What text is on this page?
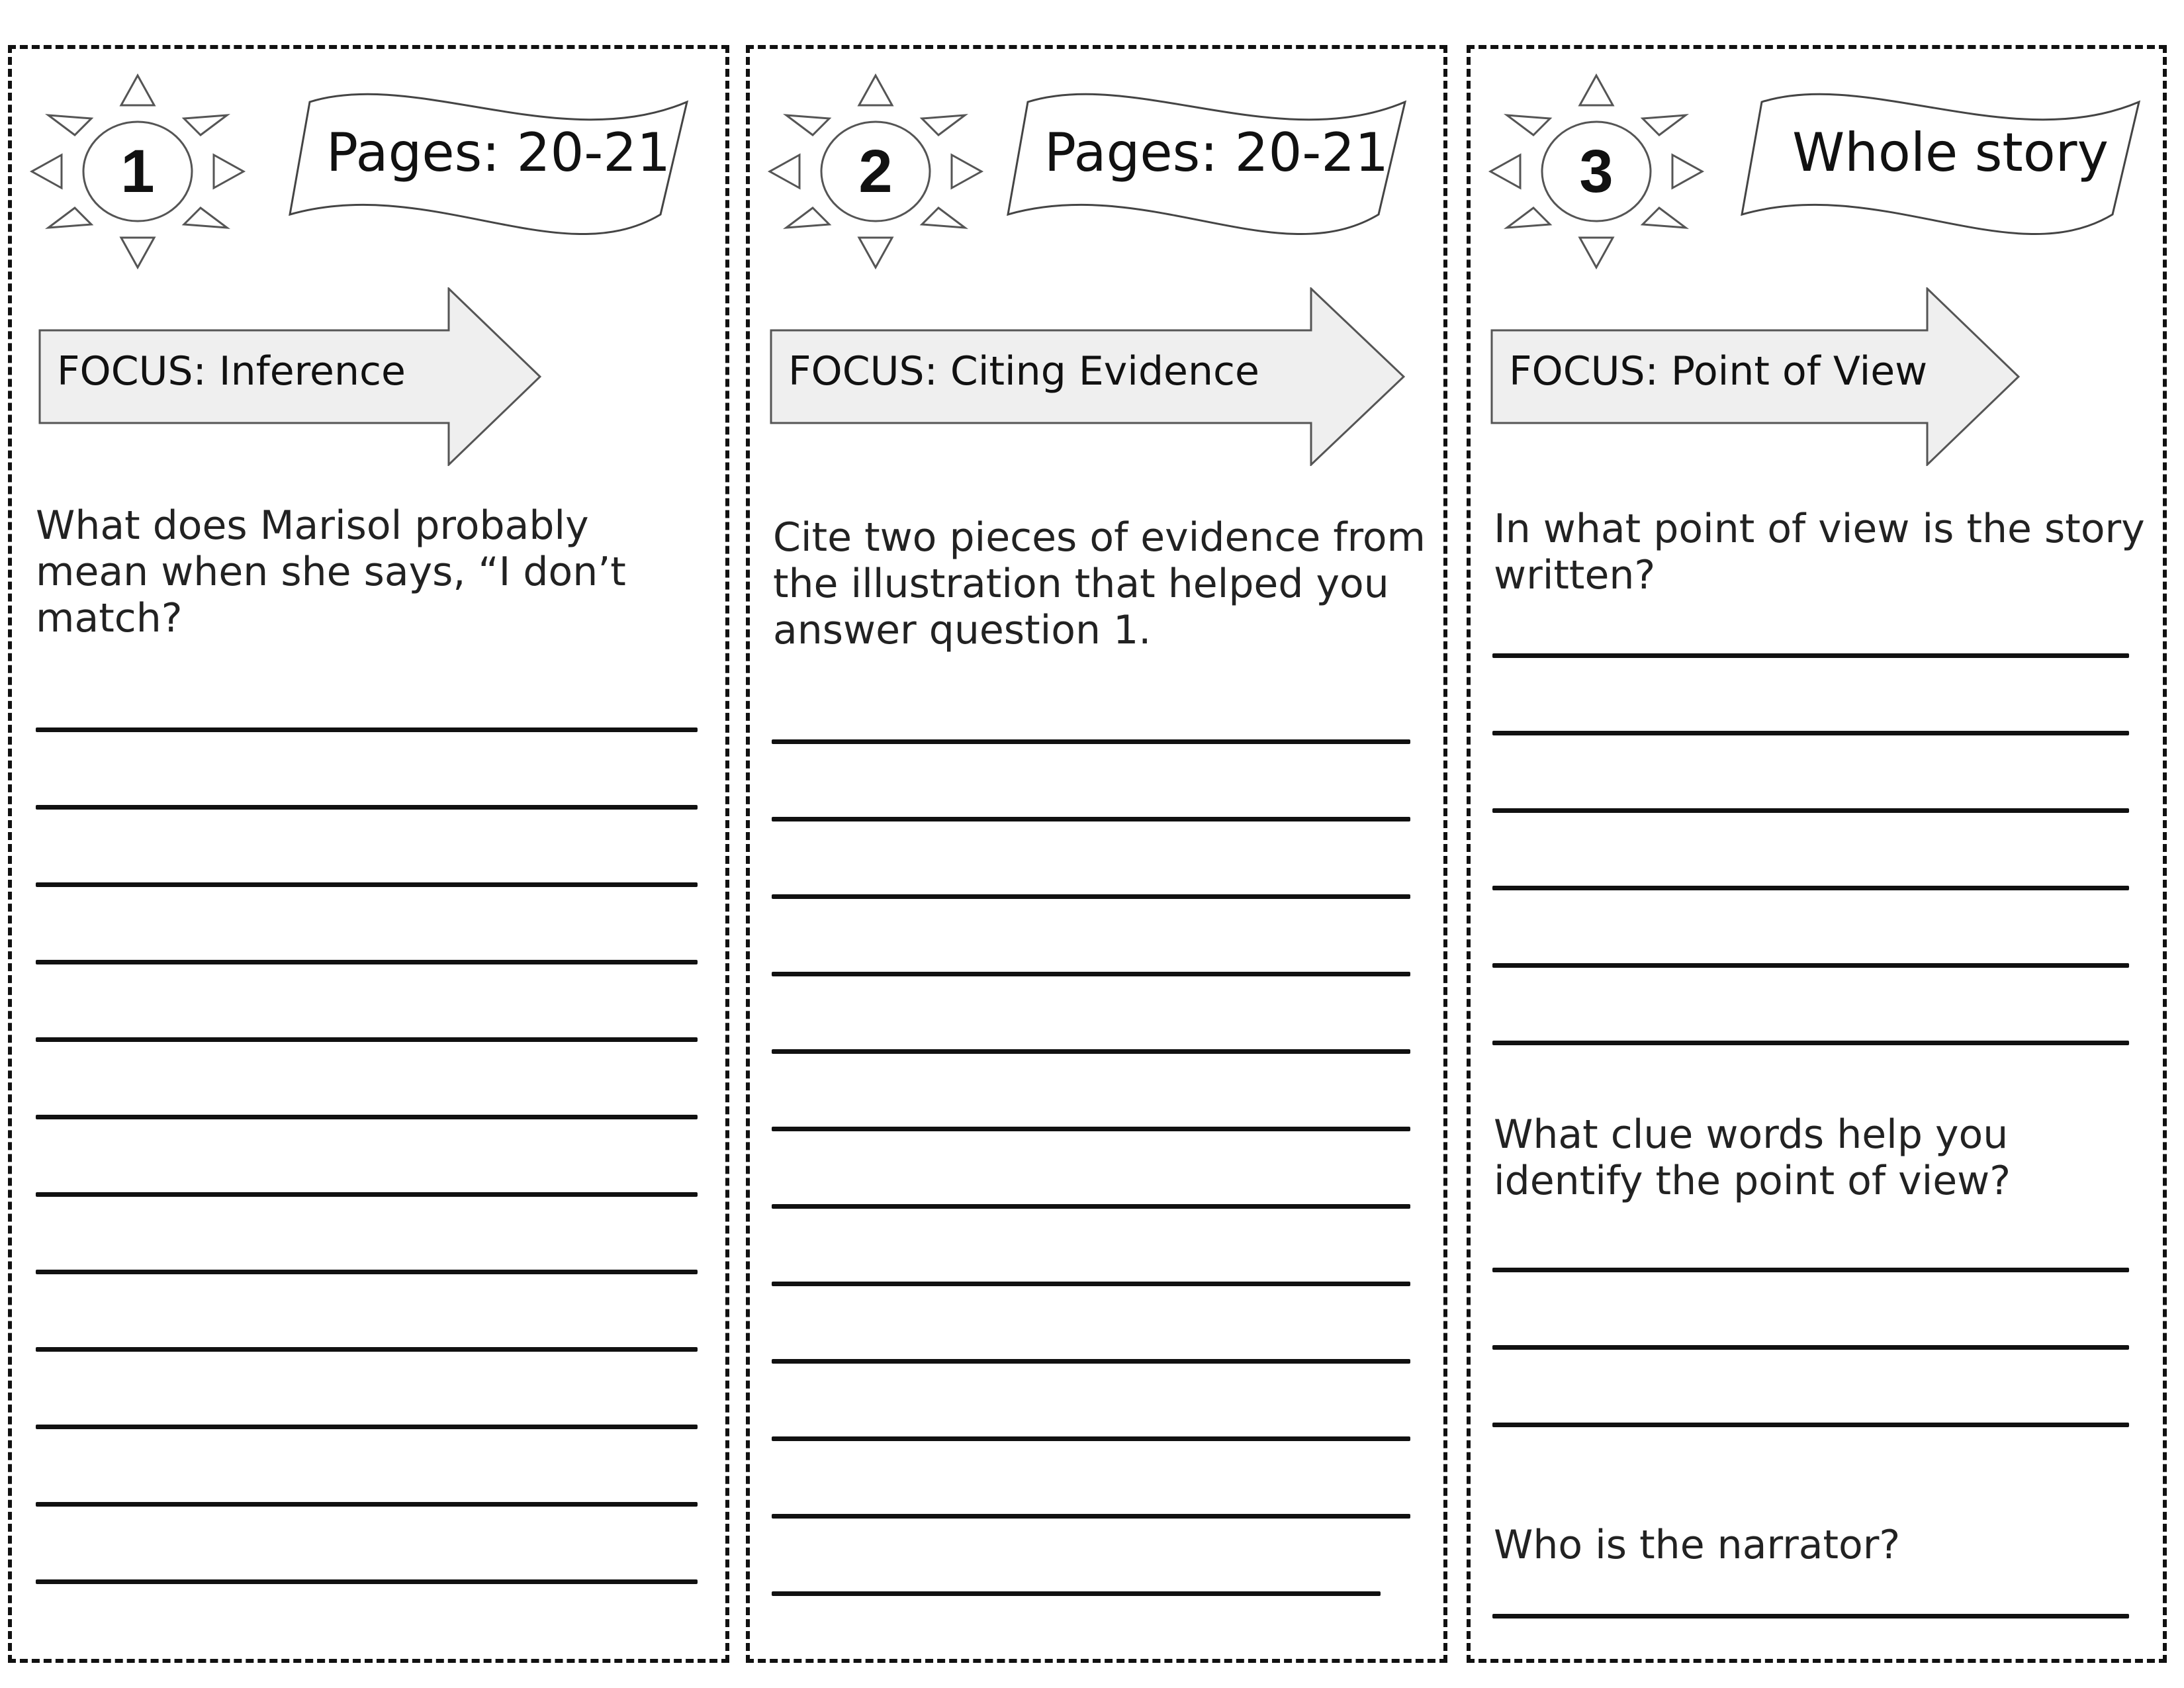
1	Pages: 20-21
FOCUS: Inference
What does Marisol probably mean when she says, “I don’t match?
2	Pages: 20-21
FOCUS: Citing Evidence
Cite two pieces of evidence from the illustration that helped you answer question 1.
3	Whole story
FOCUS: Point of View
In what point of view is the story written?
What clue words help you identify the point of view?
Who is the narrator?
